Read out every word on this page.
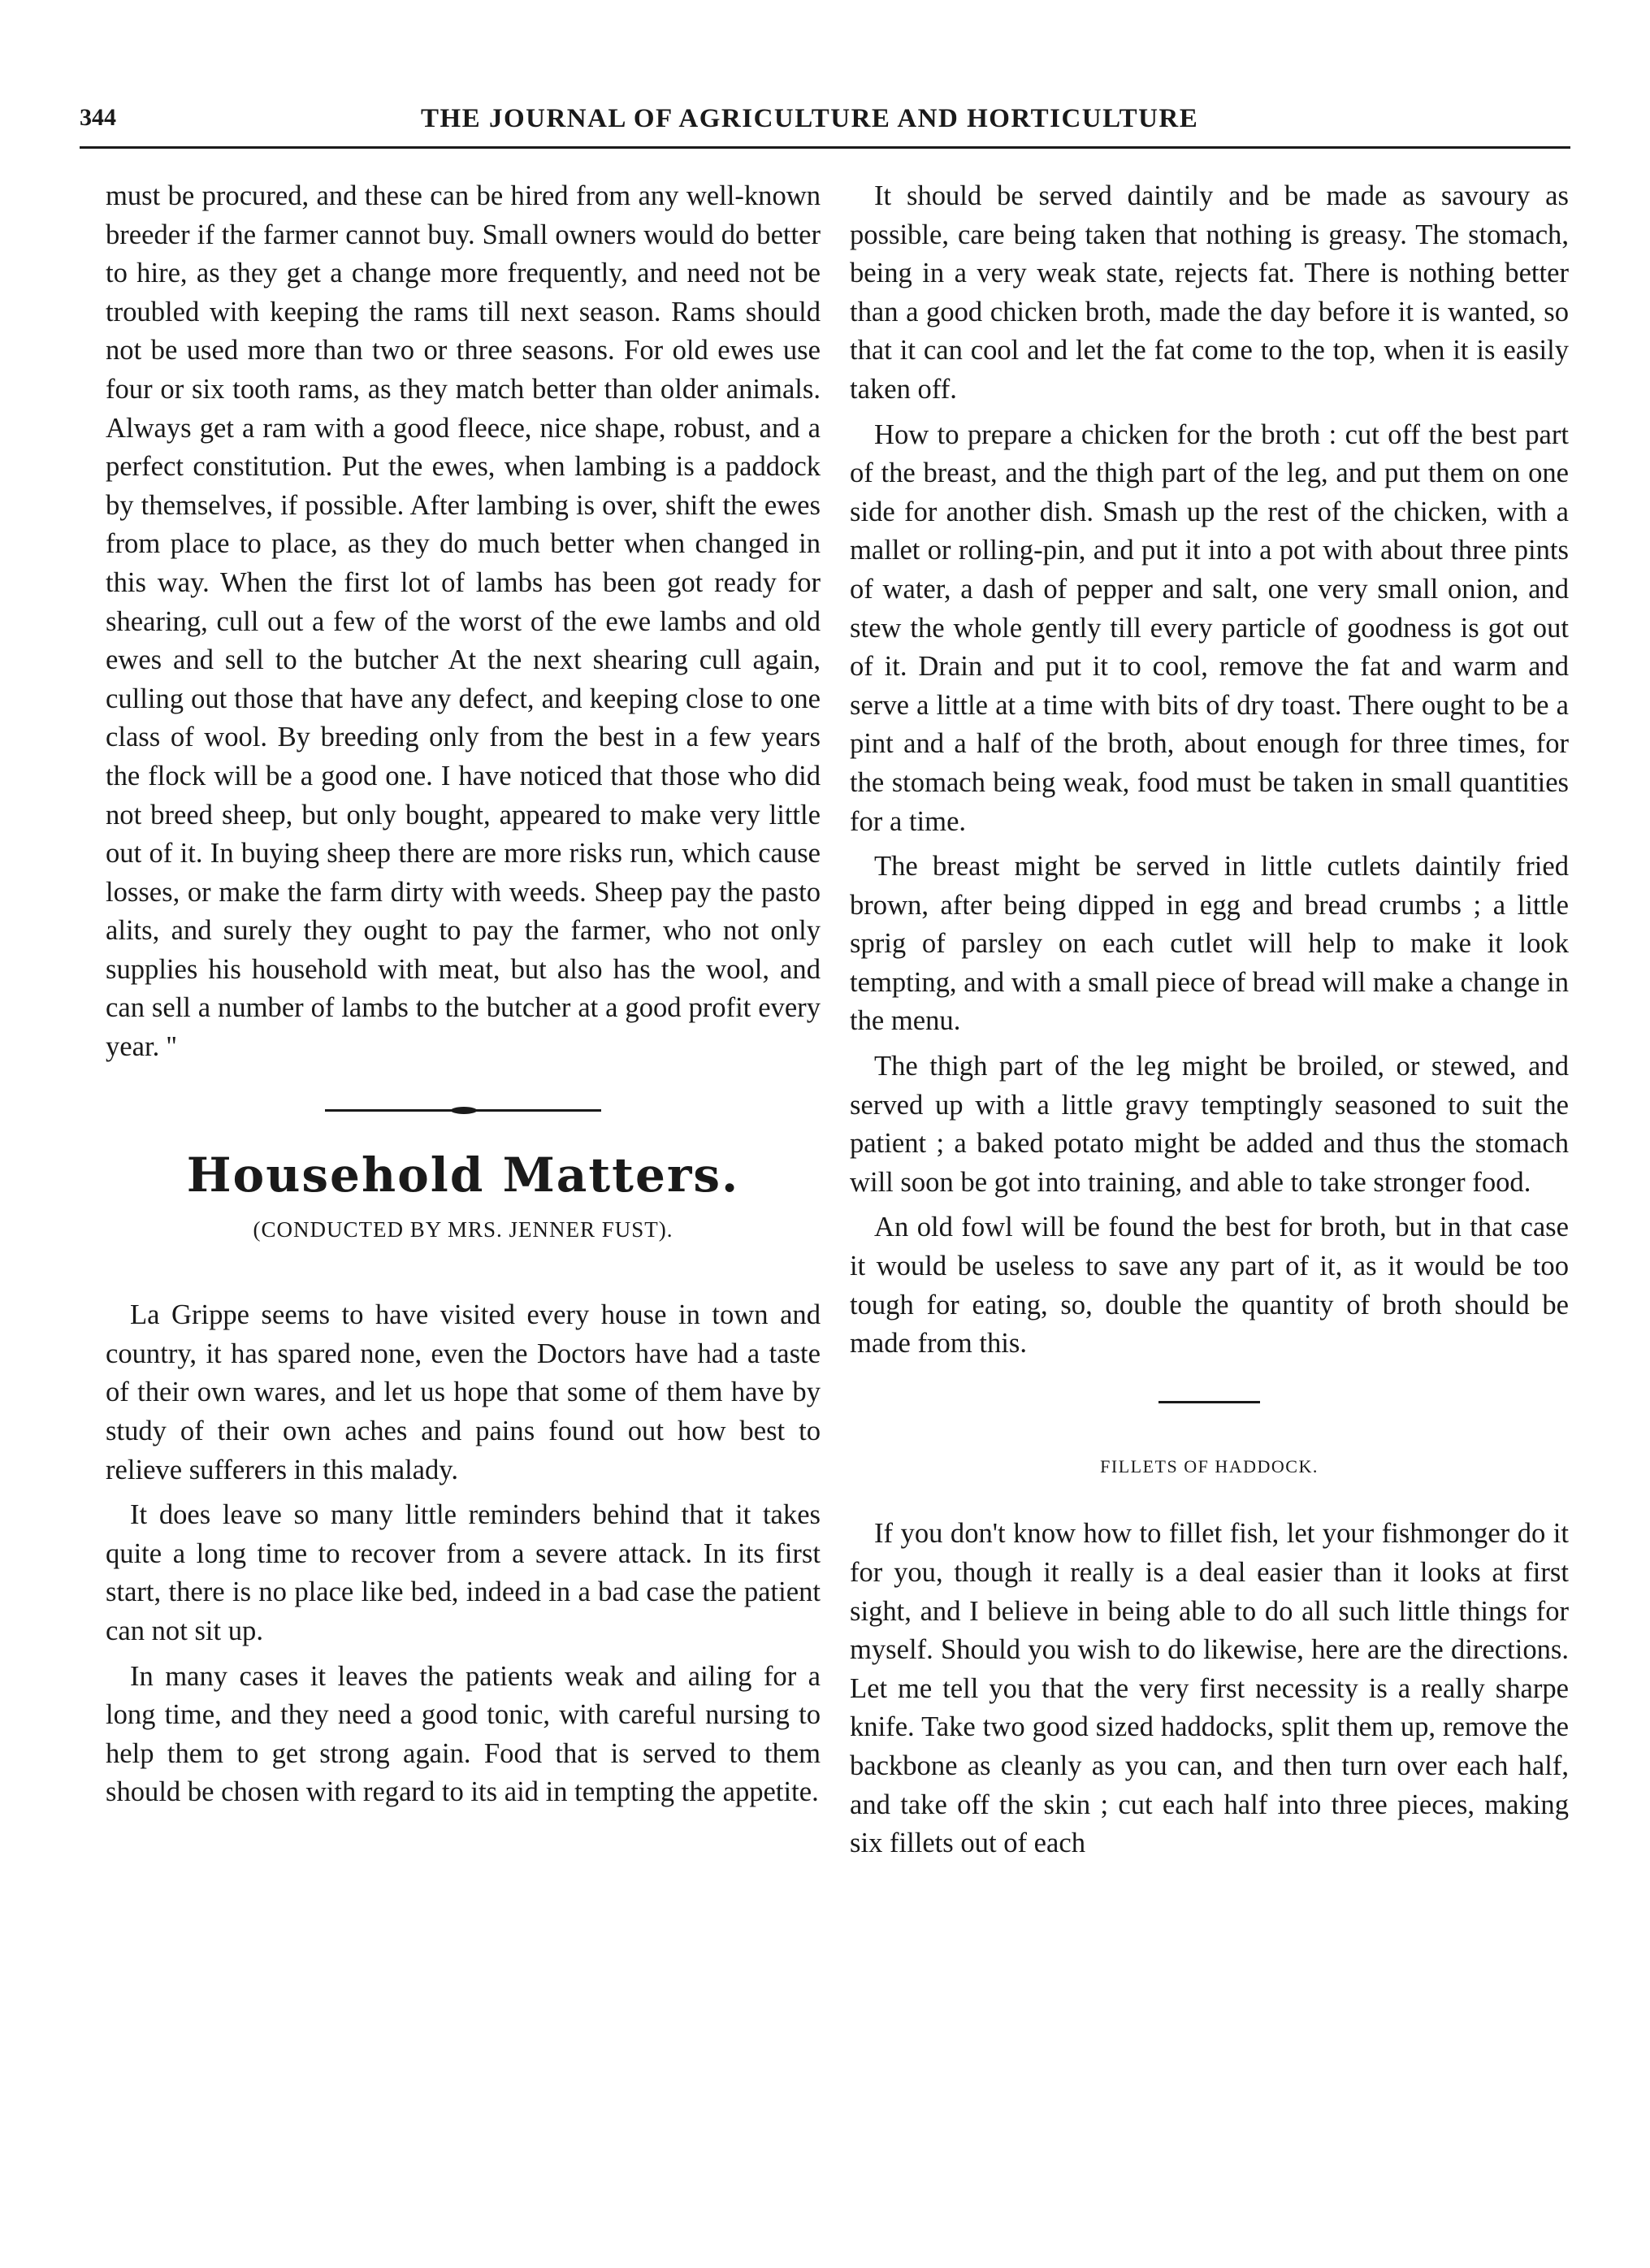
344	THE JOURNAL OF AGRICULTURE AND HORTICULTURE

must be procured, and these can be hired from any well-known breeder if the farmer cannot buy. Small owners would do better to hire, as they get a change more frequently, and need not be troubled with keeping the rams till next season. Rams should not be used more than two or three seasons. For old ewes use four or six tooth rams, as they match better than older animals. Always get a ram with a good fleece, nice shape, robust, and a perfect constitution. Put the ewes, when lambing is a paddock by themselves, if possible. After lambing is over, shift the ewes from place to place, as they do much better when changed in this way. When the first lot of lambs has been got ready for shearing, cull out a few of the worst of the ewe lambs and old ewes and sell to the butcher At the next shearing cull again, culling out those that have any defect, and keeping close to one class of wool. By breeding only from the best in a few years the flock will be a good one. I have noticed that those who did not breed sheep, but only bought, appeared to make very little out of it. In buying sheep there are more risks run, which cause losses, or make the farm dirty with weeds. Sheep pay the pasto alits, and surely they ought to pay the farmer, who not only supplies his household with meat, but also has the wool, and can sell a number of lambs to the butcher at a good profit every year. ''

Household Matters.
(CONDUCTED BY MRS. JENNER FUST).

La Grippe seems to have visited every house in town and country, it has spared none, even the Doctors have had a taste of their own wares, and let us hope that some of them have by study of their own aches and pains found out how best to relieve sufferers in this malady.

It does leave so many little reminders behind that it takes quite a long time to recover from a severe attack. In its first start, there is no place like bed, indeed in a bad case the patient can not sit up.

In many cases it leaves the patients weak and ailing for a long time, and they need a good tonic, with careful nursing to help them to get strong again. Food that is served to them should be chosen with regard to its aid in tempting the appetite.

It should be served daintily and be made as savoury as possible, care being taken that nothing is greasy. The stomach, being in a very weak state, rejects fat. There is nothing better than a good chicken broth, made the day before it is wanted, so that it can cool and let the fat come to the top, when it is easily taken off.

How to prepare a chicken for the broth : cut off the best part of the breast, and the thigh part of the leg, and put them on one side for another dish. Smash up the rest of the chicken, with a mallet or rolling-pin, and put it into a pot with about three pints of water, a dash of pepper and salt, one very small onion, and stew the whole gently till every particle of goodness is got out of it. Drain and put it to cool, remove the fat and warm and serve a little at a time with bits of dry toast. There ought to be a pint and a half of the broth, about enough for three times, for the stomach being weak, food must be taken in small quantities for a time.

The breast might be served in little cutlets daintily fried brown, after being dipped in egg and bread crumbs ; a little sprig of parsley on each cutlet will help to make it look tempting, and with a small piece of bread will make a change in the menu.

The thigh part of the leg might be broiled, or stewed, and served up with a little gravy temptingly seasoned to suit the patient ; a baked potato might be added and thus the stomach will soon be got into training, and able to take stronger food.

An old fowl will be found the best for broth, but in that case it would be useless to save any part of it, as it would be too tough for eating, so, double the quantity of broth should be made from this.

FILLETS OF HADDOCK.

If you don't know how to fillet fish, let your fishmonger do it for you, though it really is a deal easier than it looks at first sight, and I believe in being able to do all such little things for myself. Should you wish to do likewise, here are the directions. Let me tell you that the very first necessity is a really sharpe knife. Take two good sized haddocks, split them up, remove the backbone as cleanly as you can, and then turn over each half, and take off the skin ; cut each half into three pieces, making six fillets out of each
